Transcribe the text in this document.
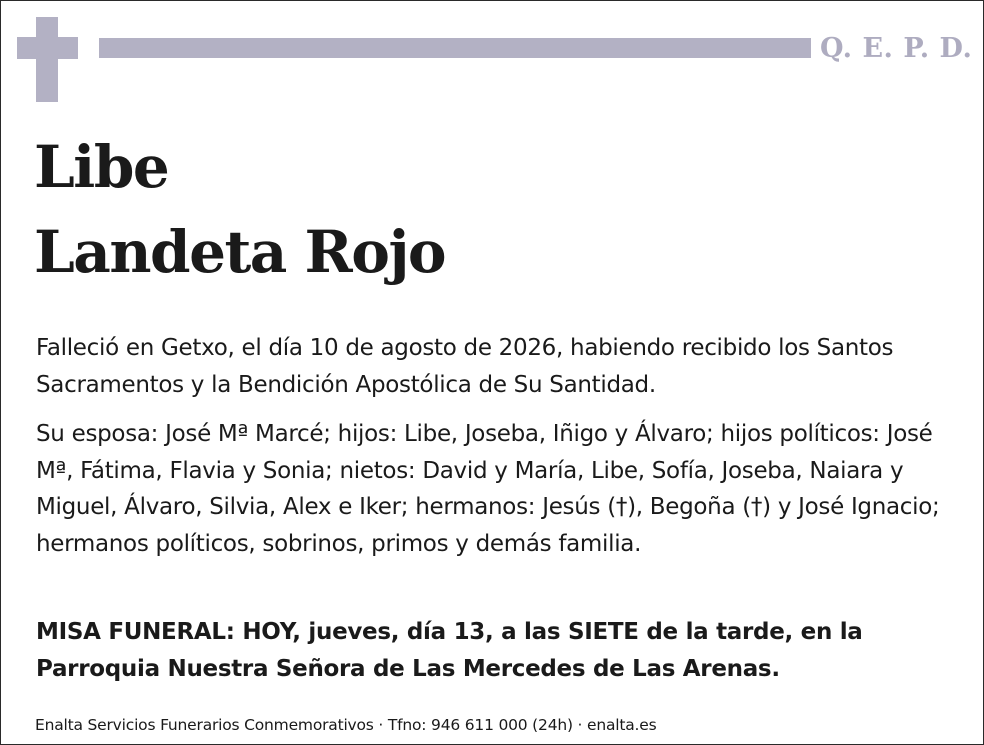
Q. E. P. D.
Libe
Landeta Rojo
Falleció en Getxo, el día 10 de agosto de 2026, habiendo recibido los Santos Sacramentos y la Bendición Apostólica de Su Santidad.
Su esposa: José Mª Marcé; hijos: Libe, Joseba, Iñigo y Álvaro; hijos políticos: José Mª, Fátima, Flavia y Sonia; nietos: David y María, Libe, Sofía, Joseba, Naiara y Miguel, Álvaro, Silvia, Alex e Iker; hermanos: Jesús (†), Begoña (†) y José Ignacio; hermanos políticos, sobrinos, primos y demás familia.
MISA FUNERAL: HOY, jueves, día 13, a las SIETE de la tarde, en la Parroquia Nuestra Señora de Las Mercedes de Las Arenas.
Enalta Servicios Funerarios Conmemorativos · Tfno: 946 611 000 (24h) · enalta.es
